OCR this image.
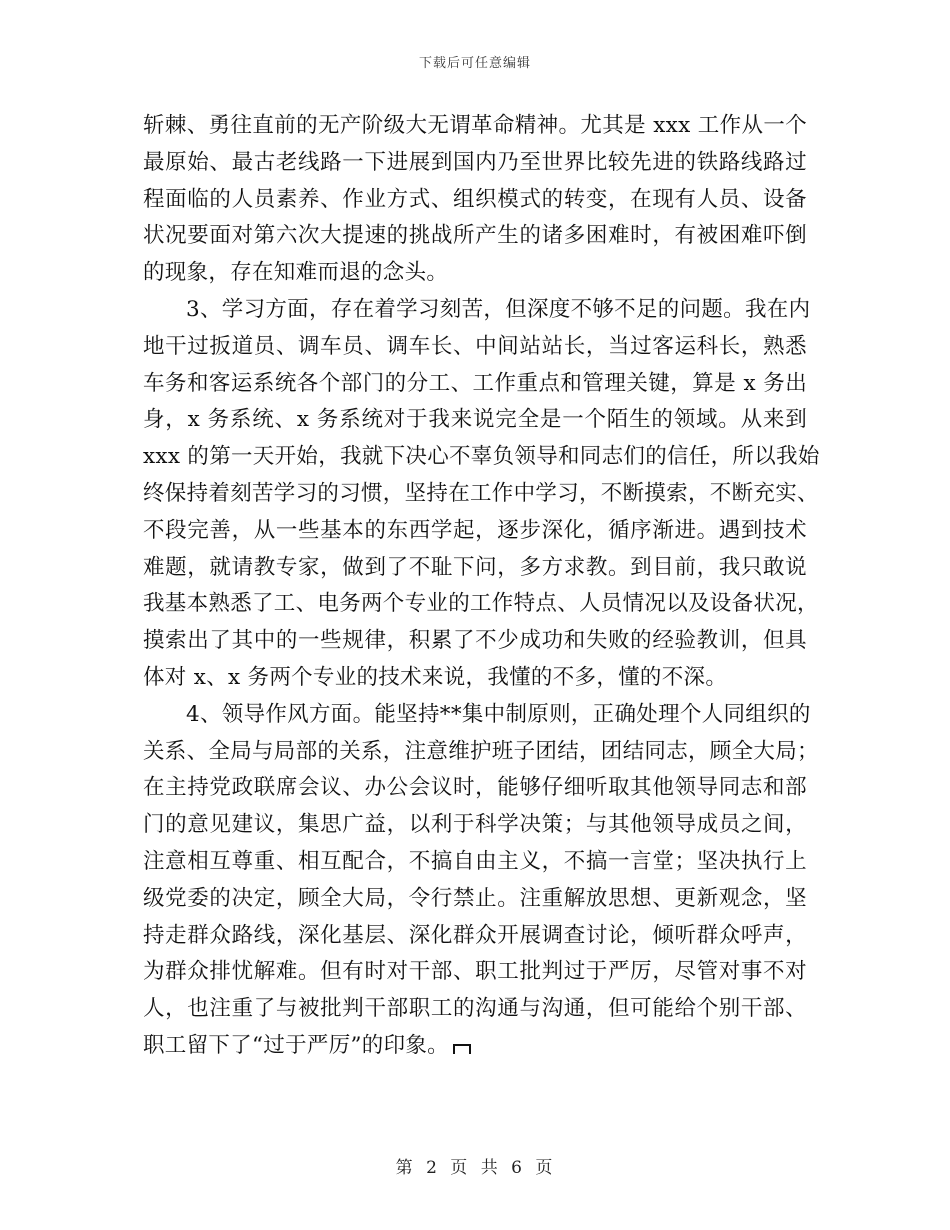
下载后可任意编辑
斩棘、勇往直前的无产阶级大无谓革命精神。尤其是 xxx 工作从一个
最原始、最古老线路一下进展到国内乃至世界比较先进的铁路线路过
程面临的人员素养、作业方式、组织模式的转变，在现有人员、设备
状况要面对第六次大提速的挑战所产生的诸多困难时，有被困难吓倒
的现象，存在知难而退的念头。
3、学习方面，存在着学习刻苦，但深度不够不足的问题。我在内
地干过扳道员、调车员、调车长、中间站站长，当过客运科长，熟悉
车务和客运系统各个部门的分工、工作重点和管理关键，算是 x 务出
身，x 务系统、x 务系统对于我来说完全是一个陌生的领域。从来到
xxx 的第一天开始，我就下决心不辜负领导和同志们的信任，所以我始
终保持着刻苦学习的习惯，坚持在工作中学习，不断摸索，不断充实、
不段完善，从一些基本的东西学起，逐步深化，循序渐进。遇到技术
难题，就请教专家，做到了不耻下问，多方求教。到目前，我只敢说
我基本熟悉了工、电务两个专业的工作特点、人员情况以及设备状况，
摸索出了其中的一些规律，积累了不少成功和失败的经验教训，但具
体对 x、x 务两个专业的技术来说，我懂的不多，懂的不深。
4、领导作风方面。能坚持**集中制原则，正确处理个人同组织的
关系、全局与局部的关系，注意维护班子团结，团结同志，顾全大局；
在主持党政联席会议、办公会议时，能够仔细听取其他领导同志和部
门的意见建议，集思广益，以利于科学决策；与其他领导成员之间，
注意相互尊重、相互配合，不搞自由主义，不搞一言堂；坚决执行上
级党委的决定，顾全大局，令行禁止。注重解放思想、更新观念，坚
持走群众路线，深化基层、深化群众开展调查讨论，倾听群众呼声，
为群众排忧解难。但有时对干部、职工批判过于严厉，尽管对事不对
人，也注重了与被批判干部职工的沟通与沟通，但可能给个别干部、
职工留下了“过于严厉”的印象。
第 2 页 共 6 页
